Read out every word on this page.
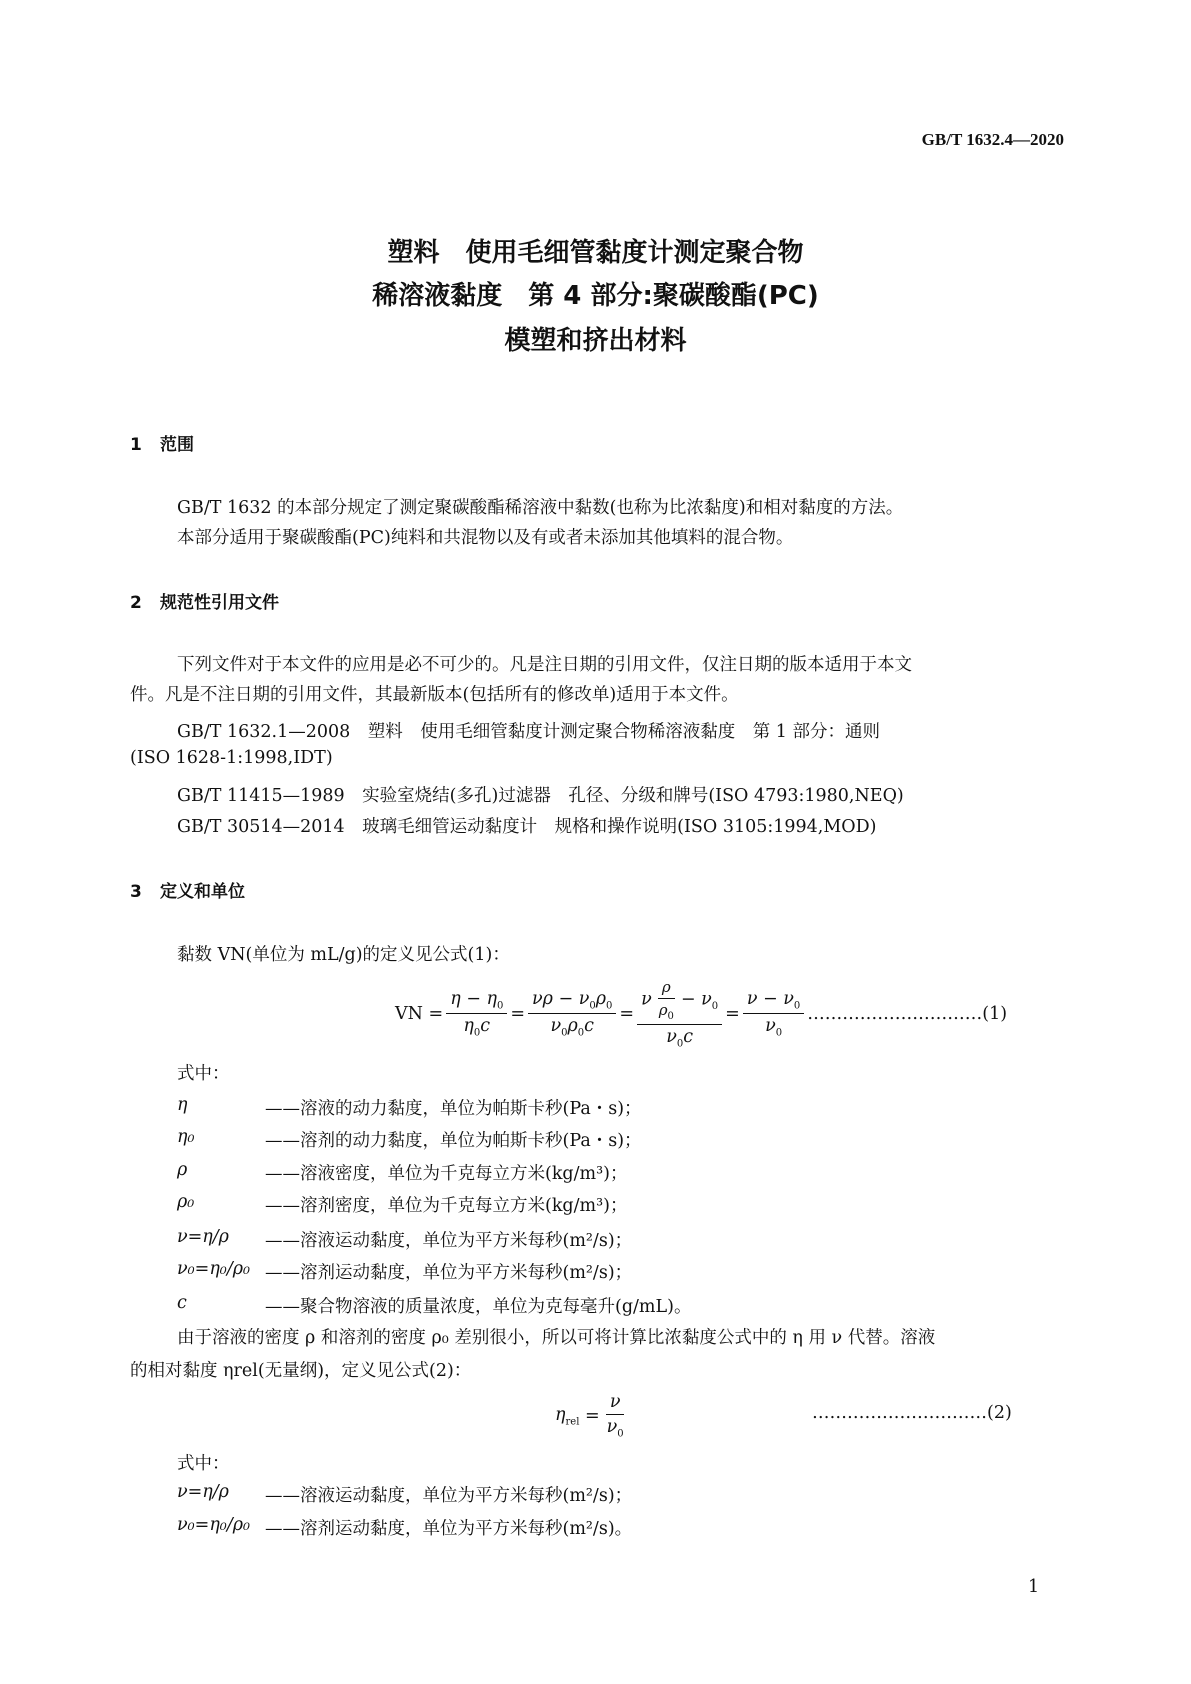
GB/T 1632.4—2020
塑料　使用毛细管黏度计测定聚合物
稀溶液黏度　第 4 部分:聚碳酸酯(PC)
模塑和挤出材料
1 范围
GB/T 1632 的本部分规定了测定聚碳酸酯稀溶液中黏数(也称为比浓黏度)和相对黏度的方法。
本部分适用于聚碳酸酯(PC)纯料和共混物以及有或者未添加其他填料的混合物。
2 规范性引用文件
下列文件对于本文件的应用是必不可少的。凡是注日期的引用文件，仅注日期的版本适用于本文
件。凡是不注日期的引用文件，其最新版本(包括所有的修改单)适用于本文件。
GB/T 1632.1—2008　塑料　使用毛细管黏度计测定聚合物稀溶液黏度　第 1 部分：通则
(ISO 1628-1:1998,IDT)
GB/T 11415—1989　实验室烧结(多孔)过滤器　孔径、分级和牌号(ISO 4793:1980,NEQ)
GB/T 30514—2014　玻璃毛细管运动黏度计　规格和操作说明(ISO 3105:1994,MOD)
3 定义和单位
黏数 VN(单位为 mL/g)的定义见公式(1)：
VN = $\frac{\eta - \eta_0}{\eta_0c} = \frac{\nu\rho - \nu_0\rho_0}{\nu_0\rho_0c} = \frac{\nu \frac{\rho}{\rho_0} - \nu_0}{\nu_0c} = \frac{\nu - \nu_0}{\nu_0}$ ………………………… (1)
式中：
η	——溶液的动力黏度，单位为帕斯卡秒(Pa・s)；
η₀	——溶剂的动力黏度，单位为帕斯卡秒(Pa・s)；
ρ	——溶液密度，单位为千克每立方米(kg/m³)；
ρ₀	——溶剂密度，单位为千克每立方米(kg/m³)；
ν=η/ρ ——溶液运动黏度，单位为平方米每秒(m²/s)；
ν₀=η₀/ρ₀ ——溶剂运动黏度，单位为平方米每秒(m²/s)；
c	——聚合物溶液的质量浓度，单位为克每毫升(g/mL)。
由于溶液的密度 ρ 和溶剂的密度 ρ₀ 差别很小，所以可将计算比浓黏度公式中的 η 用 ν 代替。溶液
的相对黏度 ηrel(无量纲)，定义见公式(2)：
$\eta_{rel} = \frac{\nu}{\nu_0}$	…………………………(2)
式中：
ν=η/ρ ——溶液运动黏度，单位为平方米每秒(m²/s)；
ν₀=η₀/ρ₀ ——溶剂运动黏度，单位为平方米每秒(m²/s)。
1
